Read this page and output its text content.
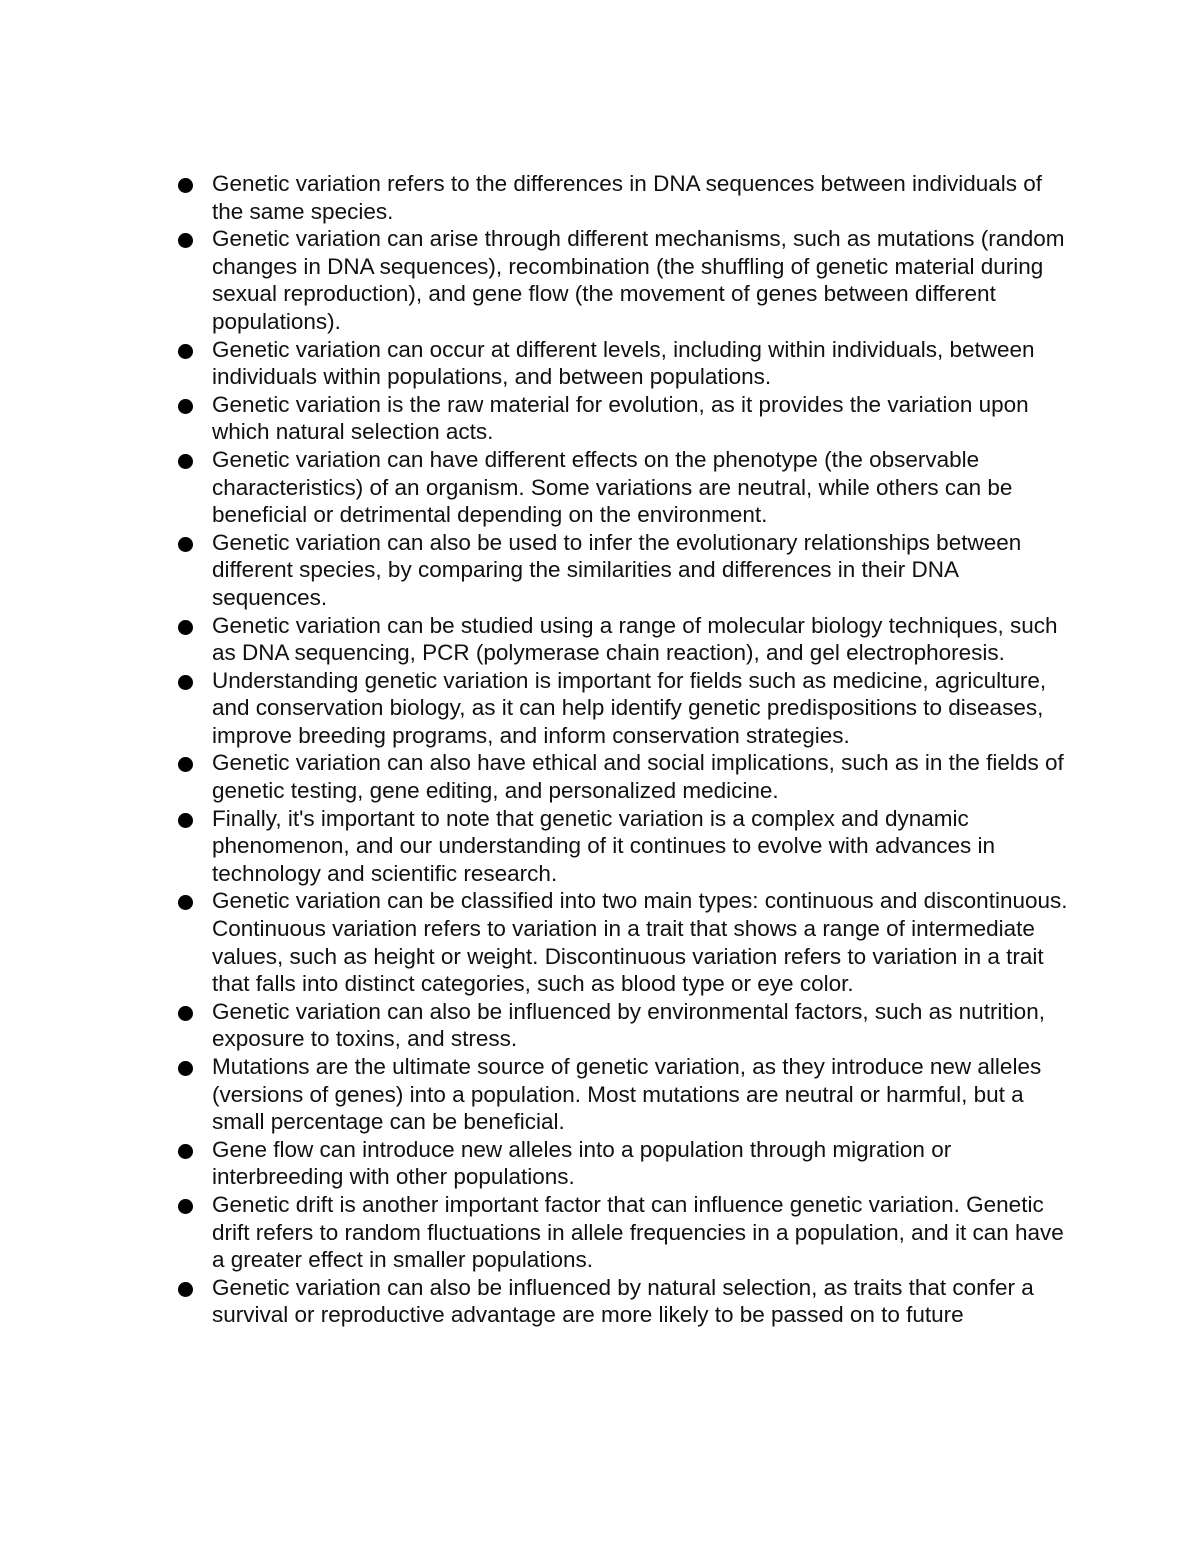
Genetic variation refers to the differences in DNA sequences between individuals of the same species.
Genetic variation can arise through different mechanisms, such as mutations (random changes in DNA sequences), recombination (the shuffling of genetic material during sexual reproduction), and gene flow (the movement of genes between different populations).
Genetic variation can occur at different levels, including within individuals, between individuals within populations, and between populations.
Genetic variation is the raw material for evolution, as it provides the variation upon which natural selection acts.
Genetic variation can have different effects on the phenotype (the observable characteristics) of an organism. Some variations are neutral, while others can be beneficial or detrimental depending on the environment.
Genetic variation can also be used to infer the evolutionary relationships between different species, by comparing the similarities and differences in their DNA sequences.
Genetic variation can be studied using a range of molecular biology techniques, such as DNA sequencing, PCR (polymerase chain reaction), and gel electrophoresis.
Understanding genetic variation is important for fields such as medicine, agriculture, and conservation biology, as it can help identify genetic predispositions to diseases, improve breeding programs, and inform conservation strategies.
Genetic variation can also have ethical and social implications, such as in the fields of genetic testing, gene editing, and personalized medicine.
Finally, it's important to note that genetic variation is a complex and dynamic phenomenon, and our understanding of it continues to evolve with advances in technology and scientific research.
Genetic variation can be classified into two main types: continuous and discontinuous. Continuous variation refers to variation in a trait that shows a range of intermediate values, such as height or weight. Discontinuous variation refers to variation in a trait that falls into distinct categories, such as blood type or eye color.
Genetic variation can also be influenced by environmental factors, such as nutrition, exposure to toxins, and stress.
Mutations are the ultimate source of genetic variation, as they introduce new alleles (versions of genes) into a population. Most mutations are neutral or harmful, but a small percentage can be beneficial.
Gene flow can introduce new alleles into a population through migration or interbreeding with other populations.
Genetic drift is another important factor that can influence genetic variation. Genetic drift refers to random fluctuations in allele frequencies in a population, and it can have a greater effect in smaller populations.
Genetic variation can also be influenced by natural selection, as traits that confer a survival or reproductive advantage are more likely to be passed on to future
